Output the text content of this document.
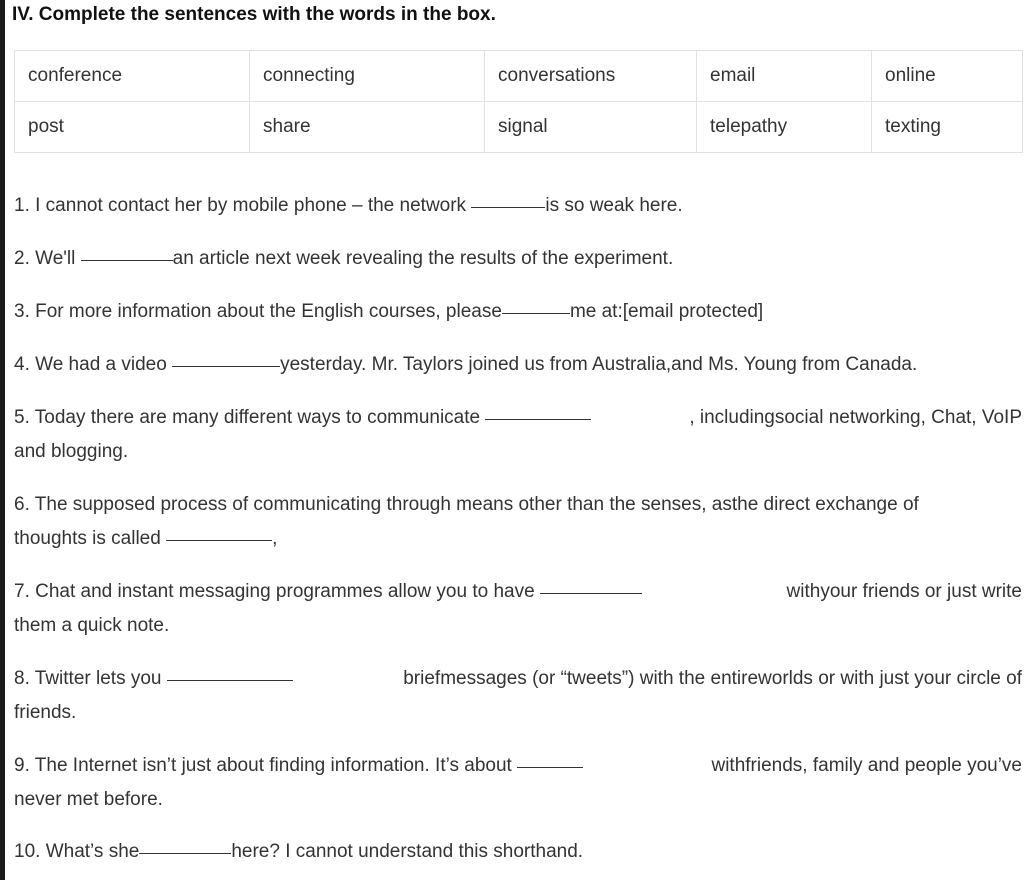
IV. Complete the sentences with the words in the box.
conference	connecting	conversations	email	online
post	share	signal	telepathy	texting
1. I cannot contact her by mobile phone – the network	is so weak here.
2. We'll	an article next week revealing the results of the experiment.
3. For more information about the English courses, please	me at:[email protected]
4. We had a video	yesterday. Mr. Taylors joined us from Australia,and Ms. Young from Canada.
5. Today there are many different ways to communicate	, includingsocial networking, Chat, VoIP
and blogging.
6. The supposed process of communicating through means other than the senses, asthe direct exchange of
thoughts is called	,
7. Chat and instant messaging programmes allow you to have	withyour friends or just write
them a quick note.
8. Twitter lets you	briefmessages (or “tweets”) with the entireworlds or with just your circle of
friends.
9. The Internet isn’t just about finding information. It’s about	withfriends, family and people you’ve
never met before.
10. What’s she	here? I cannot understand this shorthand.
